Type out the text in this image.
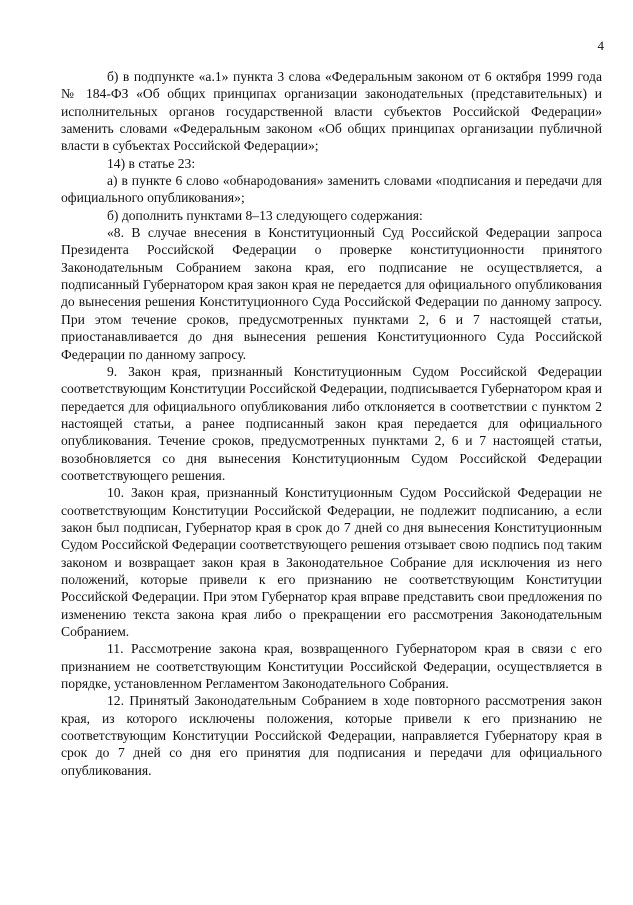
4

б) в подпункте «а.1» пункта 3 слова «Федеральным законом от 6 октября 1999 года № 184-ФЗ «Об общих принципах организации законодательных (представительных) и исполнительных органов государственной власти субъектов Российской Федерации» заменить словами «Федеральным законом «Об общих принципах организации публичной власти в субъектах Российской Федерации»;

14) в статье 23:

а) в пункте 6 слово «обнародования» заменить словами «подписания и передачи для официального опубликования»;

б) дополнить пунктами 8–13 следующего содержания:

«8. В случае внесения в Конституционный Суд Российской Федерации запроса Президента Российской Федерации о проверке конституционности принятого Законодательным Собранием закона края, его подписание не осуществляется, а подписанный Губернатором края закон края не передается для официального опубликования до вынесения решения Конституционного Суда Российской Федерации по данному запросу. При этом течение сроков, предусмотренных пунктами 2, 6 и 7 настоящей статьи, приостанавливается до дня вынесения решения Конституционного Суда Российской Федерации по данному запросу.

9. Закон края, признанный Конституционным Судом Российской Федерации соответствующим Конституции Российской Федерации, подписывается Губернатором края и передается для официального опубликования либо отклоняется в соответствии с пунктом 2 настоящей статьи, а ранее подписанный закон края передается для официального опубликования. Течение сроков, предусмотренных пунктами 2, 6 и 7 настоящей статьи, возобновляется со дня вынесения Конституционным Судом Российской Федерации соответствующего решения.

10. Закон края, признанный Конституционным Судом Российской Федерации не соответствующим Конституции Российской Федерации, не подлежит подписанию, а если закон был подписан, Губернатор края в срок до 7 дней со дня вынесения Конституционным Судом Российской Федерации соответствующего решения отзывает свою подпись под таким законом и возвращает закон края в Законодательное Собрание для исключения из него положений, которые привели к его признанию не соответствующим Конституции Российской Федерации. При этом Губернатор края вправе представить свои предложения по изменению текста закона края либо о прекращении его рассмотрения Законодательным Собранием.

11. Рассмотрение закона края, возвращенного Губернатором края в связи с его признанием не соответствующим Конституции Российской Федерации, осуществляется в порядке, установленном Регламентом Законодательного Собрания.

12. Принятый Законодательным Собранием в ходе повторного рассмотрения закон края, из которого исключены положения, которые привели к его признанию не соответствующим Конституции Российской Федерации, направляется Губернатору края в срок до 7 дней со дня его принятия для подписания и передачи для официального опубликования.
